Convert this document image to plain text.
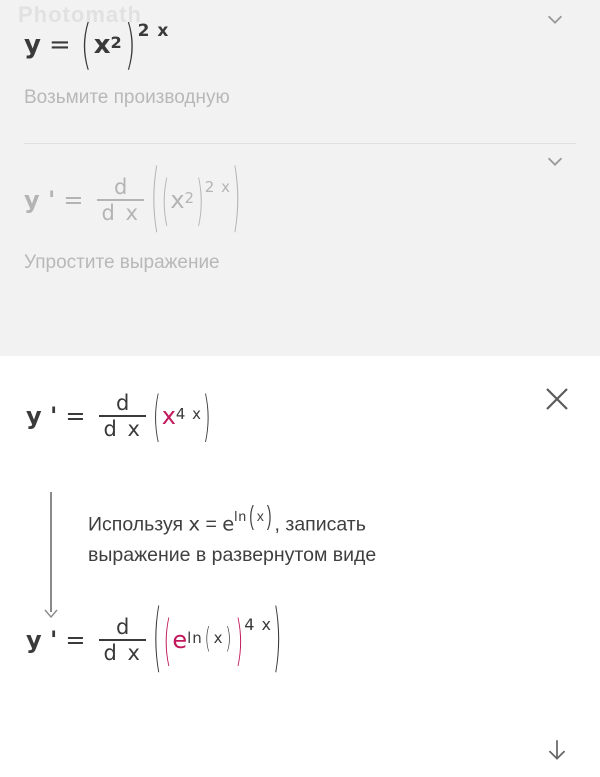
Photomath
y = ( x 2 ) 2 x
Возьмите производную
y ' = $\frac{d}{\text{d x}}$ ( ( x 2 ) 2 x )
Упростите выражение
y ' = $\frac{d}{\text{d x}}$ ( x 4 x )
Используя $x = e^{ln ( x )}$ , записать
выражение в развернутом виде
y ' = $\frac{d}{\text{d x}}$ ( ( e ln ( x ) ) 4 x )
